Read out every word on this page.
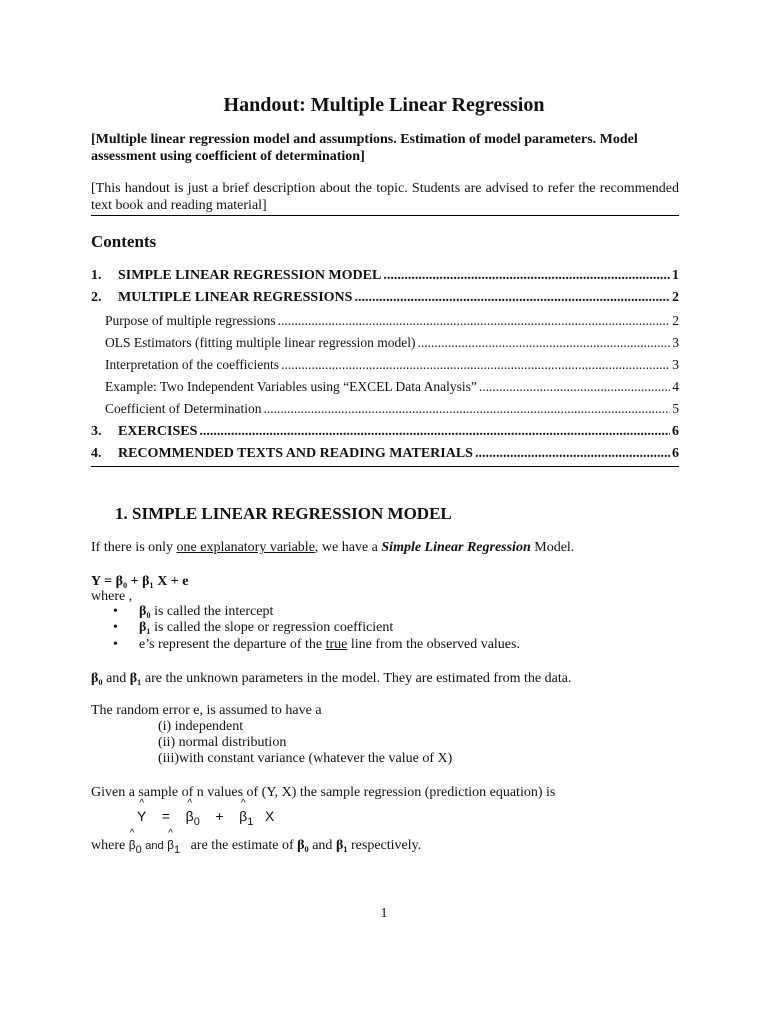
Handout: Multiple Linear Regression
[Multiple linear regression model and assumptions. Estimation of model parameters. Model assessment using coefficient of determination]
[This handout is just a brief description about the topic. Students are advised to refer the recommended text book and reading material]
Contents
1.	SIMPLE LINEAR REGRESSION MODEL .....	1
2.	MULTIPLE LINEAR REGRESSIONS .....	2
Purpose of multiple regressions .....	2
OLS Estimators (fitting multiple linear regression model) .....	3
Interpretation of the coefficients .....	3
Example: Two Independent Variables using “EXCEL Data Analysis” .....	4
Coefficient of Determination .....	5
3.	EXERCISES .....	6
4.	RECOMMENDED TEXTS AND READING MATERIALS .....	6
1. SIMPLE LINEAR REGRESSION MODEL
If there is only one explanatory variable, we have a Simple Linear Regression Model.
Y = β₀ + β₁ X + e
where ,
• β₀ is called the intercept
• β₁ is called the slope or regression coefficient
• e’s represent the departure of the true line from the observed values.
β₀ and β₁ are the unknown parameters in the model. They are estimated from the data.
The random error e, is assumed to have a
(i) independent
(ii) normal distribution
(iii)with constant variance (whatever the value of X)
Given a sample of n values of (Y, X) the sample regression (prediction equation) is
^ Y = ^ $\beta_0$ + ^ $\beta_1$ X
where ^ $\beta_0$ and ^ $\beta_1$ are the estimate of β₀ and β₁ respectively.
1
